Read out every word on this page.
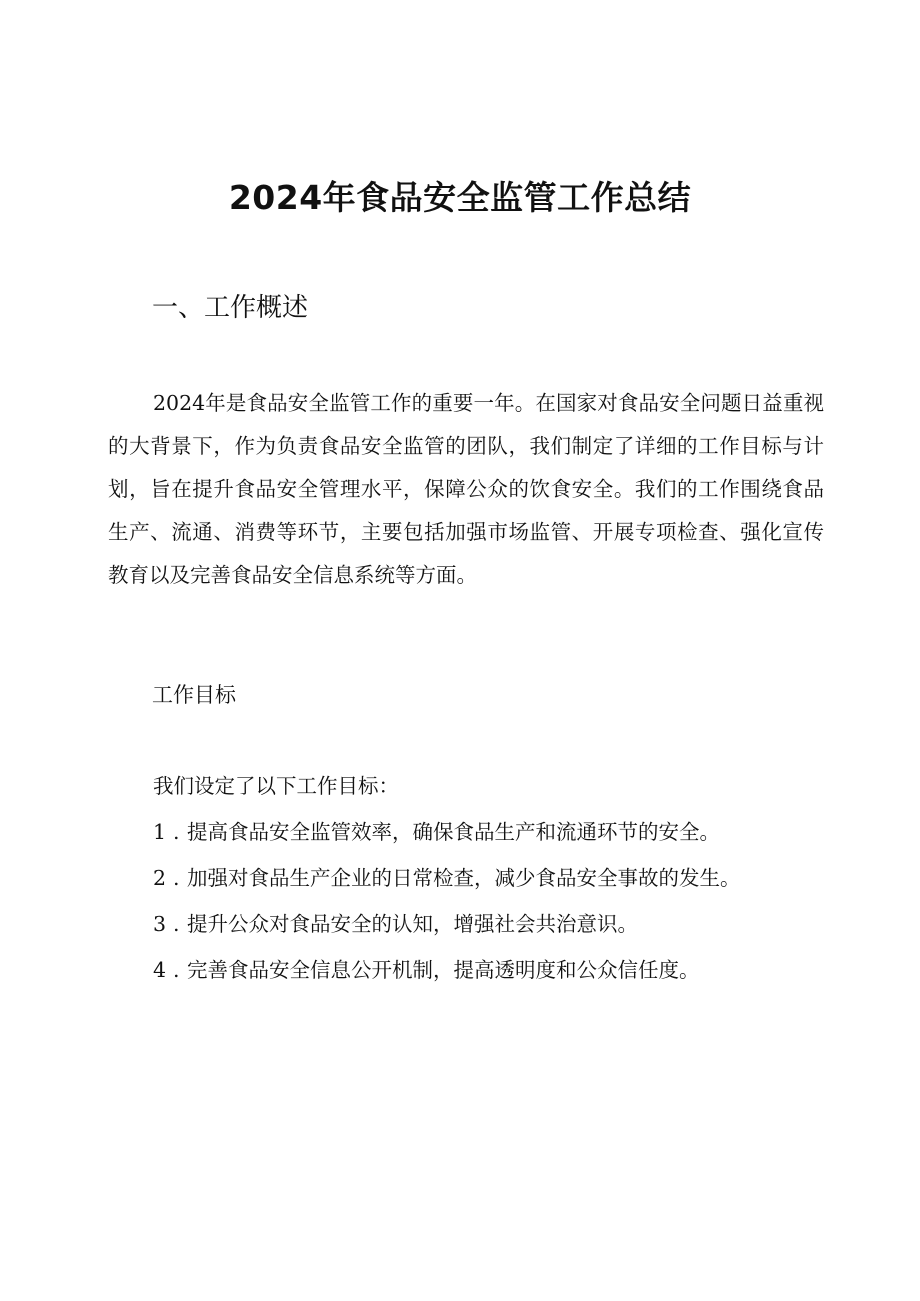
2024年食品安全监管工作总结
一、工作概述

2024年是食品安全监管工作的重要一年。在国家对食品安全问题日益重视的大背景下，作为负责食品安全监管的团队，我们制定了详细的工作目标与计划，旨在提升食品安全管理水平，保障公众的饮食安全。我们的工作围绕食品生产、流通、消费等环节，主要包括加强市场监管、开展专项检查、强化宣传教育以及完善食品安全信息系统等方面。

工作目标
我们设定了以下工作目标：
1 . 提高食品安全监管效率，确保食品生产和流通环节的安全。
2 . 加强对食品生产企业的日常检查，减少食品安全事故的发生。
3 . 提升公众对食品安全的认知，增强社会共治意识。
4 . 完善食品安全信息公开机制，提高透明度和公众信任度。
